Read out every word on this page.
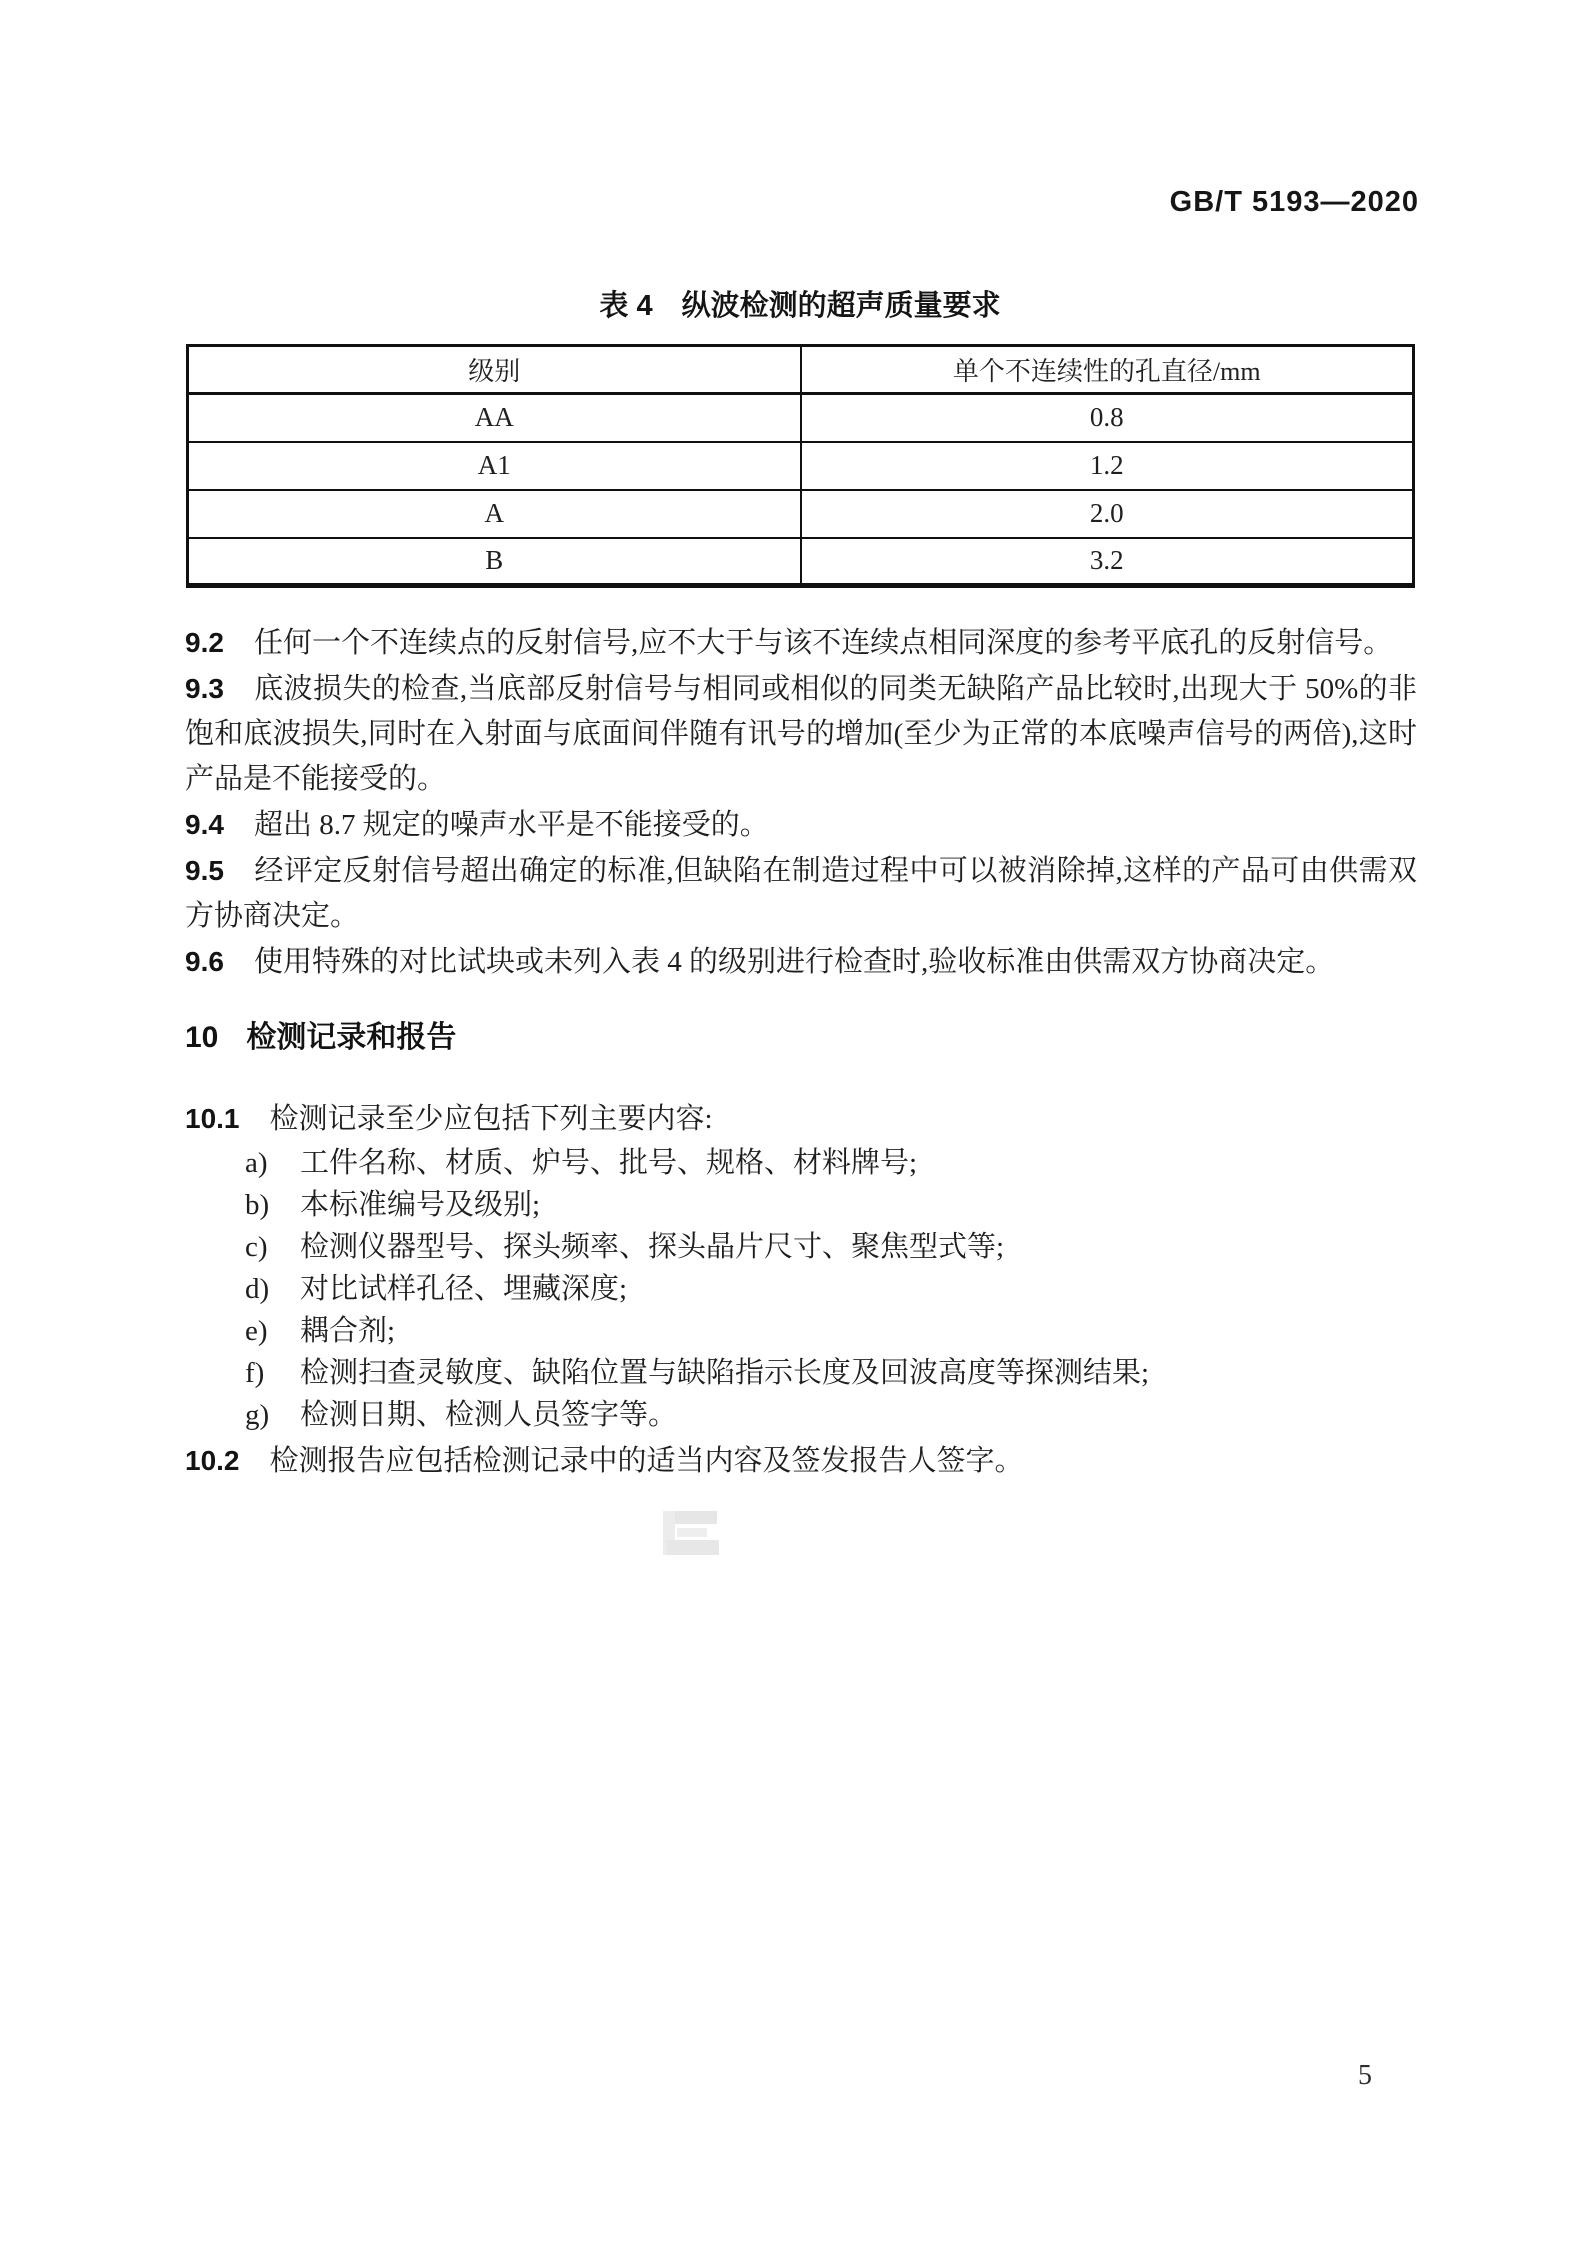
GB/T 5193—2020
表 4　纵波检测的超声质量要求
级别	单个不连续性的孔直径/mm
AA	0.8
A1	1.2
A	2.0
B	3.2

9.2 任何一个不连续点的反射信号,应不大于与该不连续点相同深度的参考平底孔的反射信号。

9.3 底波损失的检查,当底部反射信号与相同或相似的同类无缺陷产品比较时,出现大于 50%的非饱和底波损失,同时在入射面与底面间伴随有讯号的增加(至少为正常的本底噪声信号的两倍),这时产品是不能接受的。

9.4 超出 8.7 规定的噪声水平是不能接受的。

9.5 经评定反射信号超出确定的标准,但缺陷在制造过程中可以被消除掉,这样的产品可由供需双方协商决定。

9.6 使用特殊的对比试块或未列入表 4 的级别进行检查时,验收标准由供需双方协商决定。

10 检测记录和报告

10.1 检测记录至少应包括下列主要内容:

a)	工件名称、材质、炉号、批号、规格、材料牌号;
b)	本标准编号及级别;
c)	检测仪器型号、探头频率、探头晶片尺寸、聚焦型式等;
d)	对比试样孔径、埋藏深度;
e)	耦合剂;
f)	检测扫查灵敏度、缺陷位置与缺陷指示长度及回波高度等探测结果;
g)	检测日期、检测人员签字等。

10.2 检测报告应包括检测记录中的适当内容及签发报告人签字。

5
